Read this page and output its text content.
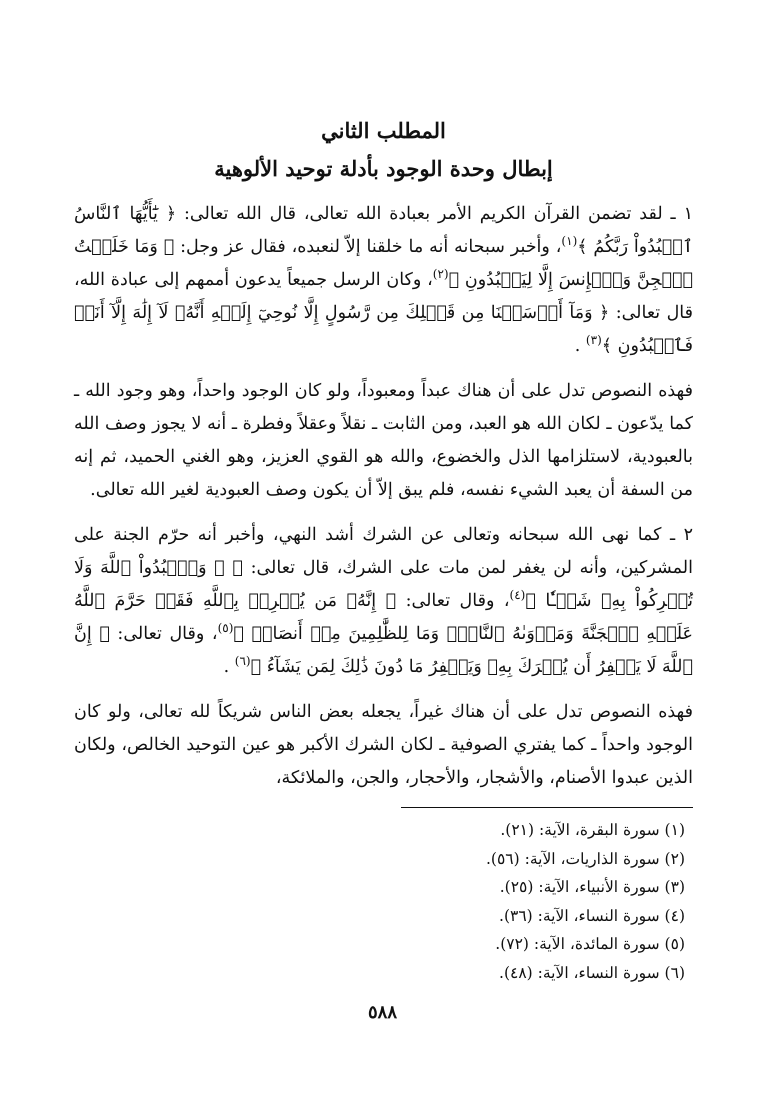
المطلب الثاني
إبطال وحدة الوجود بأدلة توحيد الألوهية

١ ـ لقد تضمن القرآن الكريم الأمر بعبادة الله تعالى، قال الله تعالى: ﴿ يَٰٓأَيُّهَا ٱلنَّاسُ ٱعۡبُدُواْ رَبَّكُمُ ﴾$^{(١)}$، وأخبر سبحانه أنه ما خلقنا إلاّ لنعبده، فقال عز وجل: ﴿ وَمَا خَلَقۡتُ ٱلۡجِنَّ وَٱلۡإِنسَ إِلَّا لِيَعۡبُدُونِ ﴾$^{(٢)}$، وكان الرسل جميعاً يدعون أممهم إلى عبادة الله، قال تعالى: ﴿ وَمَآ أَرۡسَلۡنَا مِن قَبۡلِكَ مِن رَّسُولٍ إِلَّا نُوحِيٓ إِلَيۡهِ أَنَّهُۥ لَآ إِلَٰهَ إِلَّآ أَنَا۠ فَٱعۡبُدُونِ ﴾$^{(٣)}$ .

فهذه النصوص تدل على أن هناك عبداً ومعبوداً، ولو كان الوجود واحداً، وهو وجود الله ـ كما يدّعون ـ لكان الله هو العبد، ومن الثابت ـ نقلاً وعقلاً وفطرة ـ أنه لا يجوز وصف الله بالعبودية، لاستلزامها الذل والخضوع، والله هو القوي العزيز، وهو الغني الحميد، ثم إنه من السفة أن يعبد الشيء نفسه، فلم يبق إلاّ أن يكون وصف العبودية لغير الله تعالى.

٢ ـ كما نهى الله سبحانه وتعالى عن الشرك أشد النهي، وأخبر أنه حرّم الجنة على المشركين، وأنه لن يغفر لمن مات على الشرك، قال تعالى: ﴿ ۞ وَٱعۡبُدُواْ ٱللَّهَ وَلَا تُشۡرِكُواْ بِهِۦ شَيۡـٔٗا ﴾$^{(٤)}$، وقال تعالى: ﴿ إِنَّهُۥ مَن يُشۡرِكۡ بِٱللَّهِ فَقَدۡ حَرَّمَ ٱللَّهُ عَلَيۡهِ ٱلۡجَنَّةَ وَمَأۡوَىٰهُ ٱلنَّارُۖ وَمَا لِلظَّٰلِمِينَ مِنۡ أَنصَارٖ ﴾$^{(٥)}$، وقال تعالى: ﴿ إِنَّ ٱللَّهَ لَا يَغۡفِرُ أَن يُشۡرَكَ بِهِۦ وَيَغۡفِرُ مَا دُونَ ذَٰلِكَ لِمَن يَشَآءُ ﴾$^{(٦)}$ .

فهذه النصوص تدل على أن هناك غيراً، يجعله بعض الناس شريكاً لله تعالى، ولو كان الوجود واحداً ـ كما يفتري الصوفية ـ لكان الشرك الأكبر هو عين التوحيد الخالص، ولكان الذين عبدوا الأصنام، والأشجار، والأحجار، والجن، والملائكة،

(١) سورة البقرة، الآية: (٢١).
(٢) سورة الذاريات، الآية: (٥٦).
(٣) سورة الأنبياء، الآية: (٢٥).
(٤) سورة النساء، الآية: (٣٦).
(٥) سورة المائدة، الآية: (٧٢).
(٦) سورة النساء، الآية: (٤٨).
٥٨٨
